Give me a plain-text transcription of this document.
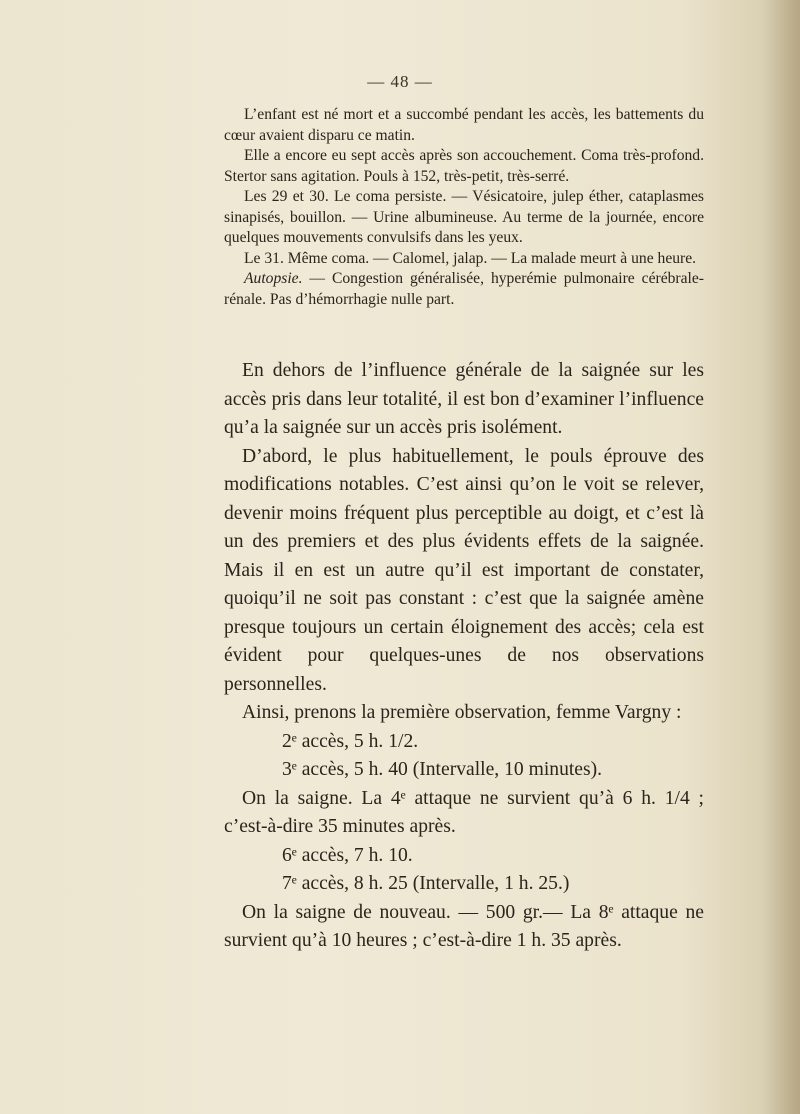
— 48 —

L’enfant est né mort et a succombé pendant les accès, les battements du cœur avaient disparu ce matin.

Elle a encore eu sept accès après son accouchement. Coma très-profond. Stertor sans agitation. Pouls à 152, très-petit, très-serré.

Les 29 et 30. Le coma persiste. — Vésicatoire, julep éther, cataplasmes sinapisés, bouillon. — Urine albumineuse. Au terme de la journée, encore quelques mouvements convulsifs dans les yeux.

Le 31. Même coma. — Calomel, jalap. — La malade meurt à une heure.

Autopsie. — Congestion généralisée, hyperémie pulmonaire cérébrale-rénale. Pas d’hémorrhagie nulle part.

En dehors de l’influence générale de la saignée sur les accès pris dans leur totalité, il est bon d’examiner l’influence qu’a la saignée sur un accès pris isolément.

D’abord, le plus habituellement, le pouls éprouve des modifications notables. C’est ainsi qu’on le voit se relever, devenir moins fréquent plus perceptible au doigt, et c’est là un des premiers et des plus évidents effets de la saignée. Mais il en est un autre qu’il est important de constater, quoiqu’il ne soit pas constant : c’est que la saignée amène presque toujours un certain éloignement des accès; cela est évident pour quelques-unes de nos observations personnelles.

Ainsi, prenons la première observation, femme Vargny :

2ᵉ accès, 5 h. 1/2.

3ᵉ accès, 5 h. 40 (Intervalle, 10 minutes).

On la saigne. La 4ᵉ attaque ne survient qu’à 6 h. 1/4 ; c’est-à-dire 35 minutes après.

6ᵉ accès, 7 h. 10.

7ᵉ accès, 8 h. 25 (Intervalle, 1 h. 25.)

On la saigne de nouveau. — 500 gr.— La 8ᵉ attaque ne survient qu’à 10 heures ; c’est-à-dire 1 h. 35 après.
